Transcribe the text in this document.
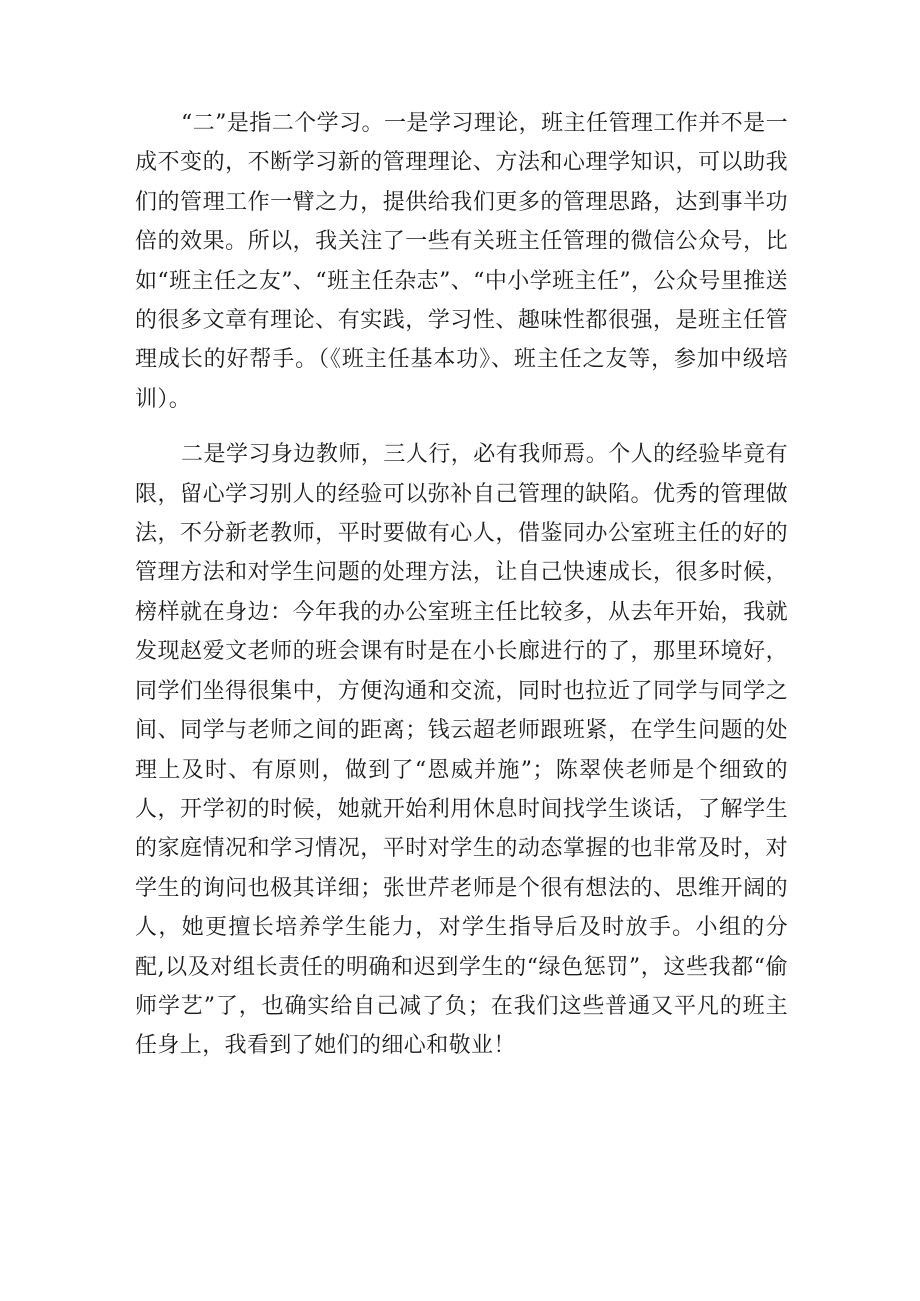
“二”是指二个学习。一是学习理论，班主任管理工作并不是一成不变的，不断学习新的管理理论、方法和心理学知识，可以助我们的管理工作一臂之力，提供给我们更多的管理思路，达到事半功倍的效果。所以，我关注了一些有关班主任管理的微信公众号，比如“班主任之友”、“班主任杂志”、“中小学班主任”，公众号里推送的很多文章有理论、有实践，学习性、趣味性都很强，是班主任管理成长的好帮手。（《班主任基本功》、班主任之友等，参加中级培训）。

二是学习身边教师，三人行，必有我师焉。个人的经验毕竟有限，留心学习别人的经验可以弥补自己管理的缺陷。优秀的管理做法，不分新老教师，平时要做有心人，借鉴同办公室班主任的好的管理方法和对学生问题的处理方法，让自己快速成长，很多时候，榜样就在身边：今年我的办公室班主任比较多，从去年开始，我就发现赵爱文老师的班会课有时是在小长廊进行的了，那里环境好，同学们坐得很集中，方便沟通和交流，同时也拉近了同学与同学之间、同学与老师之间的距离；钱云超老师跟班紧，在学生问题的处理上及时、有原则，做到了“恩威并施”；陈翠侠老师是个细致的人，开学初的时候，她就开始利用休息时间找学生谈话，了解学生的家庭情况和学习情况，平时对学生的动态掌握的也非常及时，对学生的询问也极其详细；张世芹老师是个很有想法的、思维开阔的人，她更擅长培养学生能力，对学生指导后及时放手。小组的分配,以及对组长责任的明确和迟到学生的“绿色惩罚”，这些我都“偷师学艺”了，也确实给自己减了负；在我们这些普通又平凡的班主任身上，我看到了她们的细心和敬业！
